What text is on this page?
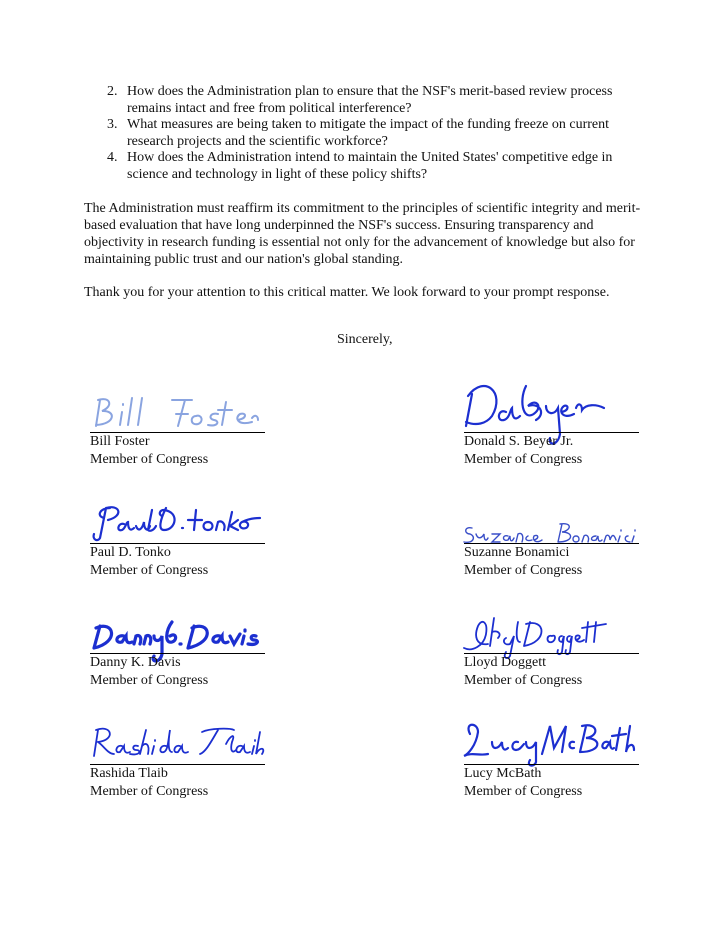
2. How does the Administration plan to ensure that the NSF's merit-based review process remains intact and free from political interference?
3. What measures are being taken to mitigate the impact of the funding freeze on current research projects and the scientific workforce?
4. How does the Administration intend to maintain the United States' competitive edge in science and technology in light of these policy shifts?

The Administration must reaffirm its commitment to the principles of scientific integrity and merit-based evaluation that have long underpinned the NSF's success. Ensuring transparency and objectivity in research funding is essential not only for the advancement of knowledge but also for maintaining public trust and our nation's global standing.

Thank you for your attention to this critical matter. We look forward to your prompt response.

Sincerely,
Bill Foster
Member of Congress
Donald S. Beyer Jr.
Member of Congress
Paul D. Tonko
Member of Congress
Suzanne Bonamici
Member of Congress
Danny K. Davis
Member of Congress
Lloyd Doggett
Member of Congress
Rashida Tlaib
Member of Congress
Lucy McBath
Member of Congress
